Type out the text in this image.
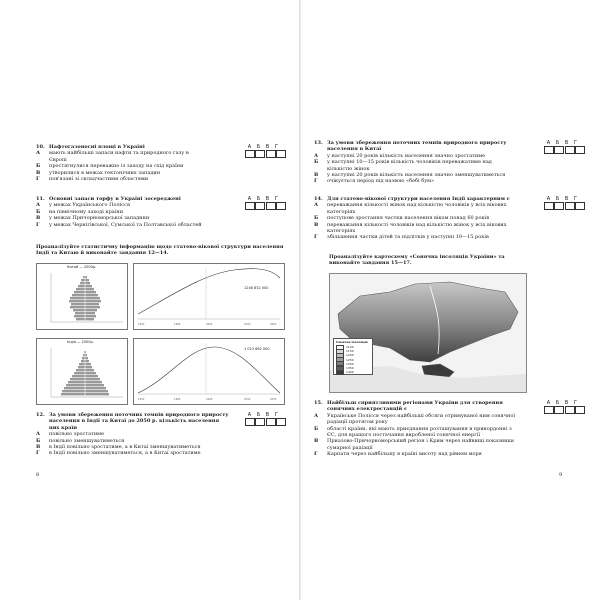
10. Нафтогазоносні площі в Україні
А	мають найбільші запаси нафти та природного газу в Європі
Б	простягнулися переважно із заходу на схід країни
В	утворилися в межах тектонічних западин
Г	пов'язані зі складчастими областями
А	Б	В	Г
11. Основні запаси торфу в Україні зосереджені
А	у межах Українського Полісся
Б	на північному заході країни
В	у межах Причорноморської западини
Г	у межах Чернігівської, Сумської та Полтавської областей
А	Б	В	Г
Проаналізуйте статистичну інформацію щодо статево-вікової структури населення Індії та Китаю й виконайте завдання 12—14.
Китай — 2000р.
1246 832 000
1950	1980	2000	2030	2050
Індія — 2000р.
1 013 662 000
1950	1980	2000	2030	2050
12. За умови збереження поточних темпів природного приросту населення в Індії та Китаї до 2050 р. кількість населення цих країн
А	повільно зростатиме
Б	повільно зменшуватиметься
В	в Індії повільно зростатиме, а в Китаї зменшуватиметься
Г	в Індії повільно зменшуватиметься, а в Китаї зростатиме
А	Б	В	Г
8
13. За умови збереження поточних темпів природного приросту населення в Китаї
А	у наступні 20 років кількість населення значно зростатиме
Б	у наступні 10—15 років кількість чоловіків переважатиме над кількістю жінок
В	у наступні 20 років кількість населення значно зменшуватиметься
Г	очікується період під назвою «бебі бум»
А	Б	В	Г
14. Для статево-вікової структури населення Індії характерним є
А	переважання кількості жінок над кількістю чоловіків у всіх вікових категоріях
Б	поступове зростання частки населення віком понад 60 років
В	переважання кількості чоловіків над кількістю жінок у всіх вікових категоріях
Г	збільшення частки дітей та підлітків у наступні 10—15 років
А	Б	В	Г
Проаналізуйте картосхему «Сонячна інсоляція України» та виконайте завдання 15—17.
Сонячна інсоляція
1100
1150
1200
1250
1300
1350
1400
15. Найбільш сприятливими регіонами України для створення сонячних електростанцій є
А	Українське Полісся через найбільші обсяги отримуваної ним сонячної радіації протягом року
Б	області країни, які мають приєднання розташування в прикордонні з ЄС, для кращого постачання виробленої сонячної енергії
В	Приазово-Причорноморський регіон і Крим через найвищі показники сумарної радіації
Г	Карпати через найбільшу в країні висоту над рівнем моря
А	Б	В	Г
9
